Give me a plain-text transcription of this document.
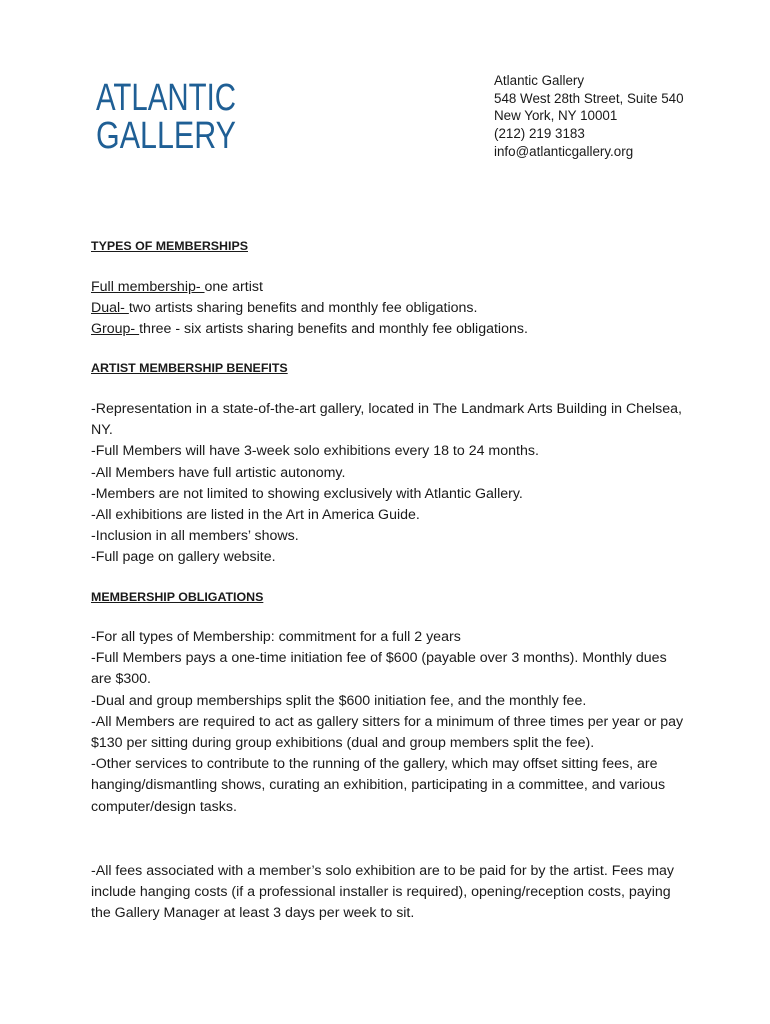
ATLANTIC
GALLERY
Atlantic Gallery
548 West 28th Street, Suite 540
New York, NY 10001
(212) 219 3183
info@atlanticgallery.org
TYPES OF MEMBERSHIPS

Full membership- one artist

Dual- two artists sharing benefits and monthly fee obligations.

Group- three - six artists sharing benefits and monthly fee obligations.

ARTIST MEMBERSHIP BENEFITS

-Representation in a state-of-the-art gallery, located in The Landmark Arts Building in Chelsea, NY.

-Full Members will have 3-week solo exhibitions every 18 to 24 months.

-All Members have full artistic autonomy.

-Members are not limited to showing exclusively with Atlantic Gallery.

-All exhibitions are listed in the Art in America Guide.

-Inclusion in all members’ shows.

-Full page on gallery website.

MEMBERSHIP OBLIGATIONS

-For all types of Membership: commitment for a full 2 years

-Full Members pays a one-time initiation fee of $600 (payable over 3 months). Monthly dues are $300.

-Dual and group memberships split the $600 initiation fee, and the monthly fee.

-All Members are required to act as gallery sitters for a minimum of three times per year or pay $130 per sitting during group exhibitions (dual and group members split the fee).

-Other services to contribute to the running of the gallery, which may offset sitting fees, are hanging/dismantling shows, curating an exhibition, participating in a committee, and various computer/design tasks.

-All fees associated with a member’s solo exhibition are to be paid for by the artist. Fees may include hanging costs (if a professional installer is required), opening/reception costs, paying the Gallery Manager at least 3 days per week to sit.
